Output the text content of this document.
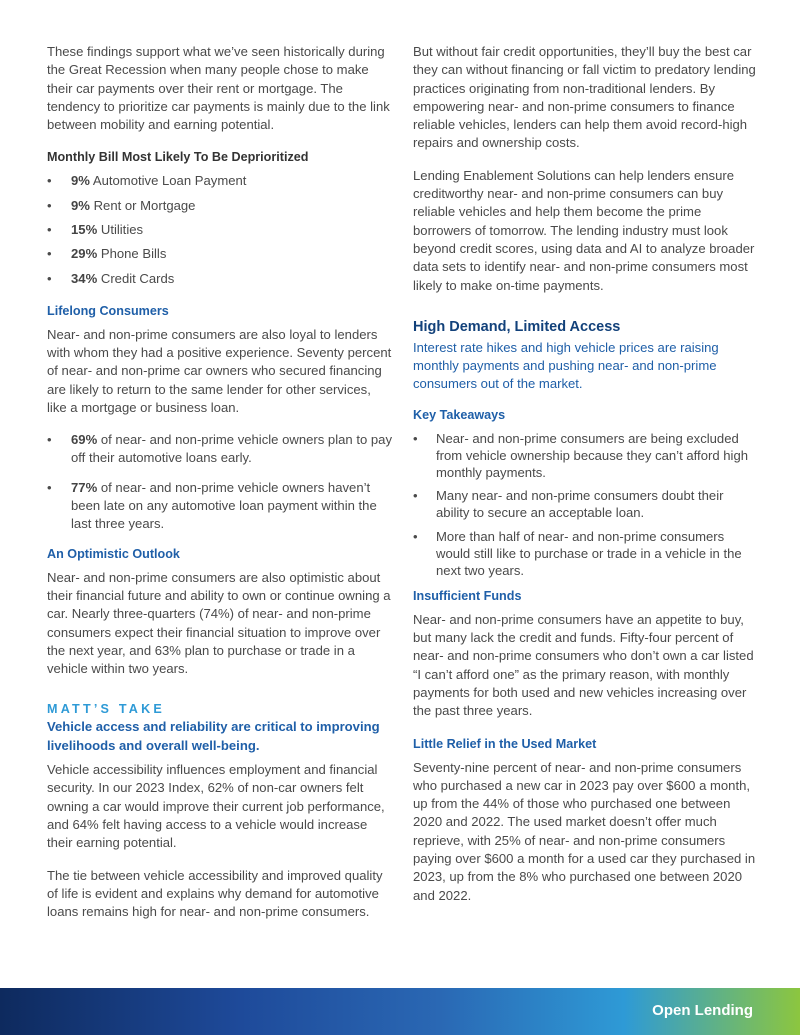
These findings support what we’ve seen historically during the Great Recession when many people chose to make their car payments over their rent or mortgage. The tendency to prioritize car payments is mainly due to the link between mobility and earning potential.

Monthly Bill Most Likely To Be Deprioritized

• 9% Automotive Loan Payment
• 9% Rent or Mortgage
• 15% Utilities
• 29% Phone Bills
• 34% Credit Cards

Lifelong Consumers

Near- and non-prime consumers are also loyal to lenders with whom they had a positive experience. Seventy percent of near- and non-prime car owners who secured financing are likely to return to the same lender for other services, like a mortgage or business loan.

• 69% of near- and non-prime vehicle owners plan to pay off their automotive loans early.
• 77% of near- and non-prime vehicle owners haven’t been late on any automotive loan payment within the last three years.

An Optimistic Outlook

Near- and non-prime consumers are also optimistic about their financial future and ability to own or continue owning a car. Nearly three-quarters (74%) of near- and non-prime consumers expect their financial situation to improve over the next year, and 63% plan to purchase or trade in a vehicle within two years.

MATT’S TAKE

Vehicle access and reliability are critical to improving livelihoods and overall well-being.

Vehicle accessibility influences employment and financial security. In our 2023 Index, 62% of non-car owners felt owning a car would improve their current job performance, and 64% felt having access to a vehicle would increase their earning potential.

The tie between vehicle accessibility and improved quality of life is evident and explains why demand for automotive loans remains high for near- and non-prime consumers.

But without fair credit opportunities, they’ll buy the best car they can without financing or fall victim to predatory lending practices originating from non-traditional lenders. By empowering near- and non-prime consumers to finance reliable vehicles, lenders can help them avoid record-high repairs and ownership costs.

Lending Enablement Solutions can help lenders ensure creditworthy near- and non-prime consumers can buy reliable vehicles and help them become the prime borrowers of tomorrow. The lending industry must look beyond credit scores, using data and AI to analyze broader data sets to identify near- and non-prime consumers most likely to make on-time payments.

High Demand, Limited Access

Interest rate hikes and high vehicle prices are raising monthly payments and pushing near- and non-prime consumers out of the market.

Key Takeaways

• Near- and non-prime consumers are being excluded from vehicle ownership because they can’t afford high monthly payments.
• Many near- and non-prime consumers doubt their ability to secure an acceptable loan.
• More than half of near- and non-prime consumers would still like to purchase or trade in a vehicle in the next two years.

Insufficient Funds

Near- and non-prime consumers have an appetite to buy, but many lack the credit and funds. Fifty-four percent of near- and non-prime consumers who don’t own a car listed “I can’t afford one” as the primary reason, with monthly payments for both used and new vehicles increasing over the past three years.

Little Relief in the Used Market

Seventy-nine percent of near- and non-prime consumers who purchased a new car in 2023 pay over $600 a month, up from the 44% of those who purchased one between 2020 and 2022. The used market doesn’t offer much reprieve, with 25% of near- and non-prime consumers paying over $600 a month for a used car they purchased in 2023, up from the 8% who purchased one between 2020 and 2022.

Open Lending
